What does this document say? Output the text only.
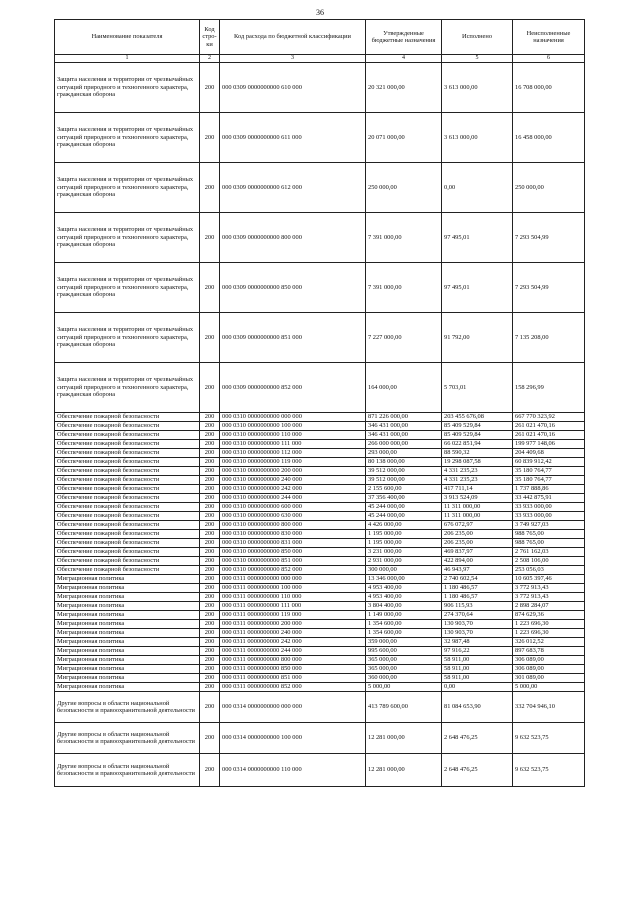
36
Наименование показателя	Код стро-ки	Код расхода по бюджетной классификации	Утвержденные бюджетные назначения	Исполнено	Неисполненные назначения
1	2	3	4	5	6
Защита населения и территории от чрезвычайных ситуаций природного и техногенного характера, гражданская оборона	200	000 0309 0000000000 610 000	20 321 000,00	3 613 000,00	16 708 000,00
Защита населения и территории от чрезвычайных ситуаций природного и техногенного характера, гражданская оборона	200	000 0309 0000000000 611 000	20 071 000,00	3 613 000,00	16 458 000,00
Защита населения и территории от чрезвычайных ситуаций природного и техногенного характера, гражданская оборона	200	000 0309 0000000000 612 000	250 000,00	0,00	250 000,00
Защита населения и территории от чрезвычайных ситуаций природного и техногенного характера, гражданская оборона	200	000 0309 0000000000 800 000	7 391 000,00	97 495,01	7 293 504,99
Защита населения и территории от чрезвычайных ситуаций природного и техногенного характера, гражданская оборона	200	000 0309 0000000000 850 000	7 391 000,00	97 495,01	7 293 504,99
Защита населения и территории от чрезвычайных ситуаций природного и техногенного характера, гражданская оборона	200	000 0309 0000000000 851 000	7 227 000,00	91 792,00	7 135 208,00
Защита населения и территории от чрезвычайных ситуаций природного и техногенного характера, гражданская оборона	200	000 0309 0000000000 852 000	164 000,00	5 703,01	158 296,99
Обеспечение пожарной безопасности	200	000 0310 0000000000 000 000	871 226 000,00	203 455 676,08	667 770 323,92
Обеспечение пожарной безопасности	200	000 0310 0000000000 100 000	346 431 000,00	85 409 529,84	261 021 470,16
Обеспечение пожарной безопасности	200	000 0310 0000000000 110 000	346 431 000,00	85 409 529,84	261 021 470,16
Обеспечение пожарной безопасности	200	000 0310 0000000000 111 000	266 000 000,00	66 022 851,94	199 977 148,06
Обеспечение пожарной безопасности	200	000 0310 0000000000 112 000	293 000,00	88 590,32	204 409,68
Обеспечение пожарной безопасности	200	000 0310 0000000000 119 000	80 138 000,00	19 298 087,58	60 839 912,42
Обеспечение пожарной безопасности	200	000 0310 0000000000 200 000	39 512 000,00	4 331 235,23	35 180 764,77
Обеспечение пожарной безопасности	200	000 0310 0000000000 240 000	39 512 000,00	4 331 235,23	35 180 764,77
Обеспечение пожарной безопасности	200	000 0310 0000000000 242 000	2 155 600,00	417 711,14	1 737 888,86
Обеспечение пожарной безопасности	200	000 0310 0000000000 244 000	37 356 400,00	3 913 524,09	33 442 875,91
Обеспечение пожарной безопасности	200	000 0310 0000000000 600 000	45 244 000,00	11 311 000,00	33 933 000,00
Обеспечение пожарной безопасности	200	000 0310 0000000000 630 000	45 244 000,00	11 311 000,00	33 933 000,00
Обеспечение пожарной безопасности	200	000 0310 0000000000 800 000	4 426 000,00	676 072,97	3 749 927,03
Обеспечение пожарной безопасности	200	000 0310 0000000000 830 000	1 195 000,00	206 235,00	988 765,00
Обеспечение пожарной безопасности	200	000 0310 0000000000 831 000	1 195 000,00	206 235,00	988 765,00
Обеспечение пожарной безопасности	200	000 0310 0000000000 850 000	3 231 000,00	469 837,97	2 761 162,03
Обеспечение пожарной безопасности	200	000 0310 0000000000 851 000	2 931 000,00	422 894,00	2 508 106,00
Обеспечение пожарной безопасности	200	000 0310 0000000000 852 000	300 000,00	46 943,97	253 056,03
Миграционная политика	200	000 0311 0000000000 000 000	13 346 000,00	2 740 602,54	10 605 397,46
Миграционная политика	200	000 0311 0000000000 100 000	4 953 400,00	1 180 486,57	3 772 913,43
Миграционная политика	200	000 0311 0000000000 110 000	4 953 400,00	1 180 486,57	3 772 913,43
Миграционная политика	200	000 0311 0000000000 111 000	3 804 400,00	906 115,93	2 898 284,07
Миграционная политика	200	000 0311 0000000000 119 000	1 149 000,00	274 370,64	874 629,36
Миграционная политика	200	000 0311 0000000000 200 000	1 354 600,00	130 903,70	1 223 696,30
Миграционная политика	200	000 0311 0000000000 240 000	1 354 600,00	130 903,70	1 223 696,30
Миграционная политика	200	000 0311 0000000000 242 000	359 000,00	32 987,48	326 012,52
Миграционная политика	200	000 0311 0000000000 244 000	995 600,00	97 916,22	897 683,78
Миграционная политика	200	000 0311 0000000000 800 000	365 000,00	58 911,00	306 089,00
Миграционная политика	200	000 0311 0000000000 850 000	365 000,00	58 911,00	306 089,00
Миграционная политика	200	000 0311 0000000000 851 000	360 000,00	58 911,00	301 089,00
Миграционная политика	200	000 0311 0000000000 852 000	5 000,00	0,00	5 000,00
Другие вопросы в области национальной безопасности и правоохранительной деятельности	200	000 0314 0000000000 000 000	413 789 600,00	81 084 653,90	332 704 946,10
Другие вопросы в области национальной безопасности и правоохранительной деятельности	200	000 0314 0000000000 100 000	12 281 000,00	2 648 476,25	9 632 523,75
Другие вопросы в области национальной безопасности и правоохранительной деятельности	200	000 0314 0000000000 110 000	12 281 000,00	2 648 476,25	9 632 523,75
